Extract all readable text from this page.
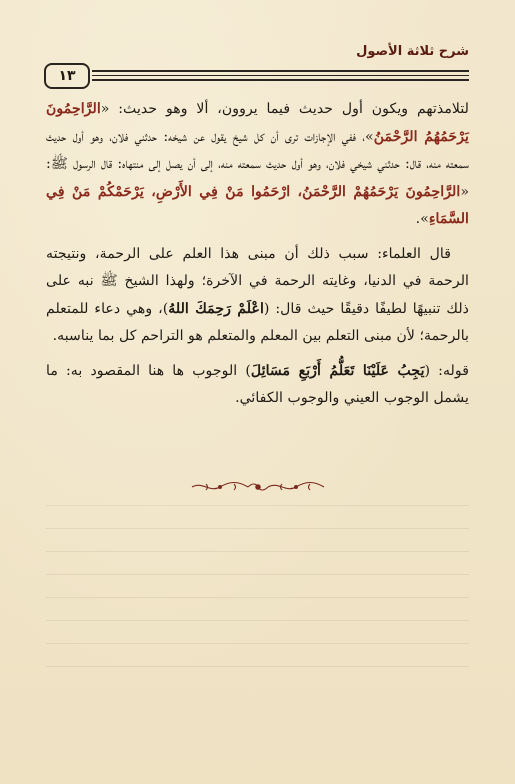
شرح ثلاثة الأصول
١٣

لتلامذتهم ويكون أول حديث فيما يروون، ألا وهو حديث: «الرَّاحِمُونَ يَرْحَمُهُمُ الرَّحْمَنُ»، ففي الإجازات ترى أن كل شيخ يقول عن شيخه: حدثني فلان، وهو أول حديث سمعته منه، قال: حدثني شيخي فلان، وهو أول حديث سمعته منه، إلى أن يصل إلى منتهاه: قال الرسول ﷺ: «الرَّاحِمُونَ يَرْحَمُهُمْ الرَّحْمَنُ، ارْحَمُوا مَنْ فِي الأَرْضِ، يَرْحَمْكُمْ مَنْ فِي السَّمَاءِ».

قال العلماء: سبب ذلك أن مبنى هذا العلم على الرحمة، ونتيجته الرحمة في الدنيا، وغايته الرحمة في الآخرة؛ ولهذا الشيخ ﷺ نبه على ذلك تنبيهًا لطيفًا دقيقًا حيث قال: (اعْلَمْ رَحِمَكَ اللهُ)، وهي دعاء للمتعلم بالرحمة؛ لأن مبنى التعلم بين المعلم والمتعلم هو التراحم كل بما يناسبه.

قوله: (يَجِبُ عَلَيْنَا تَعَلُّمُ أَرْبَعِ مَسَائِلَ) الوجوب ها هنا المقصود به: ما يشمل الوجوب العيني والوجوب الكفائي.
